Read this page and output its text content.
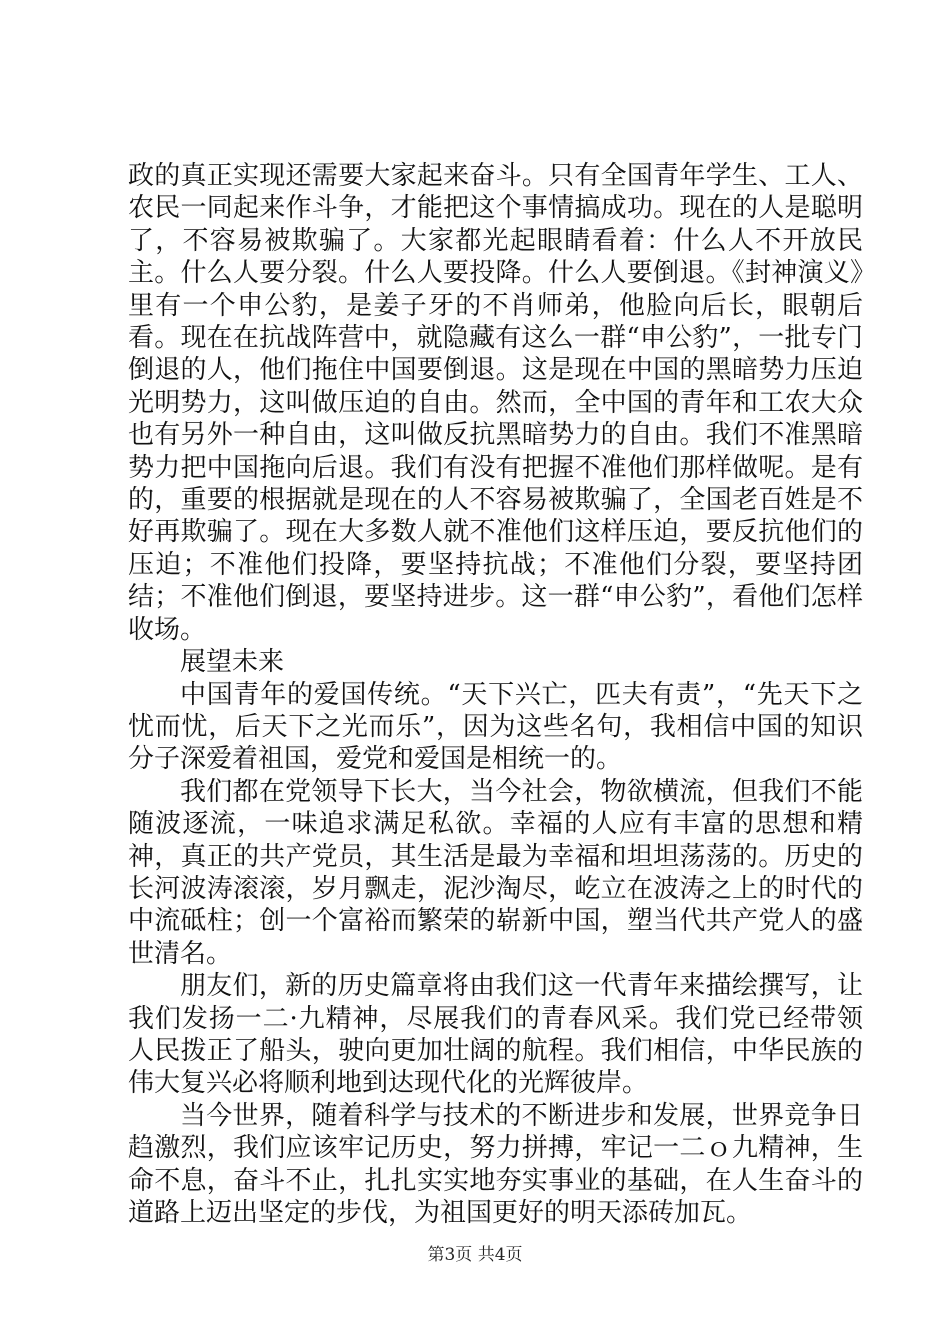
政的真正实现还需要大家起来奋斗。只有全国青年学生、工人、农民一同起来作斗争，才能把这个事情搞成功。现在的人是聪明了，不容易被欺骗了。大家都光起眼睛看着：什么人不开放民主。什么人要分裂。什么人要投降。什么人要倒退。《封神演义》里有一个申公豹，是姜子牙的不肖师弟，他脸向后长，眼朝后看。现在在抗战阵营中，就隐藏有这么一群“申公豹”，一批专门倒退的人，他们拖住中国要倒退。这是现在中国的黑暗势力压迫光明势力，这叫做压迫的自由。然而，全中国的青年和工农大众也有另外一种自由，这叫做反抗黑暗势力的自由。我们不准黑暗势力把中国拖向后退。我们有没有把握不准他们那样做呢。是有的，重要的根据就是现在的人不容易被欺骗了，全国老百姓是不好再欺骗了。现在大多数人就不准他们这样压迫，要反抗他们的压迫；不准他们投降，要坚持抗战；不准他们分裂，要坚持团结；不准他们倒退，要坚持进步。这一群“申公豹”，看他们怎样收场。

展望未来

中国青年的爱国传统。“天下兴亡，匹夫有责”，“先天下之忧而忧，后天下之光而乐”，因为这些名句，我相信中国的知识分子深爱着祖国，爱党和爱国是相统一的。

我们都在党领导下长大，当今社会，物欲横流，但我们不能随波逐流，一味追求满足私欲。幸福的人应有丰富的思想和精神，真正的共产党员，其生活是最为幸福和坦坦荡荡的。历史的长河波涛滚滚，岁月飘走，泥沙淘尽，屹立在波涛之上的时代的中流砥柱；创一个富裕而繁荣的崭新中国，塑当代共产党人的盛世清名。

朋友们，新的历史篇章将由我们这一代青年来描绘撰写，让我们发扬一二·九精神，尽展我们的青春风采。我们党已经带领人民拨正了船头，驶向更加壮阔的航程。我们相信，中华民族的伟大复兴必将顺利地到达现代化的光辉彼岸。

当今世界，随着科学与技术的不断进步和发展，世界竞争日趋激烈，我们应该牢记历史，努力拼搏，牢记一二ｏ九精神，生命不息，奋斗不止，扎扎实实地夯实事业的基础，在人生奋斗的道路上迈出坚定的步伐，为祖国更好的明天添砖加瓦。

第3页 共4页
